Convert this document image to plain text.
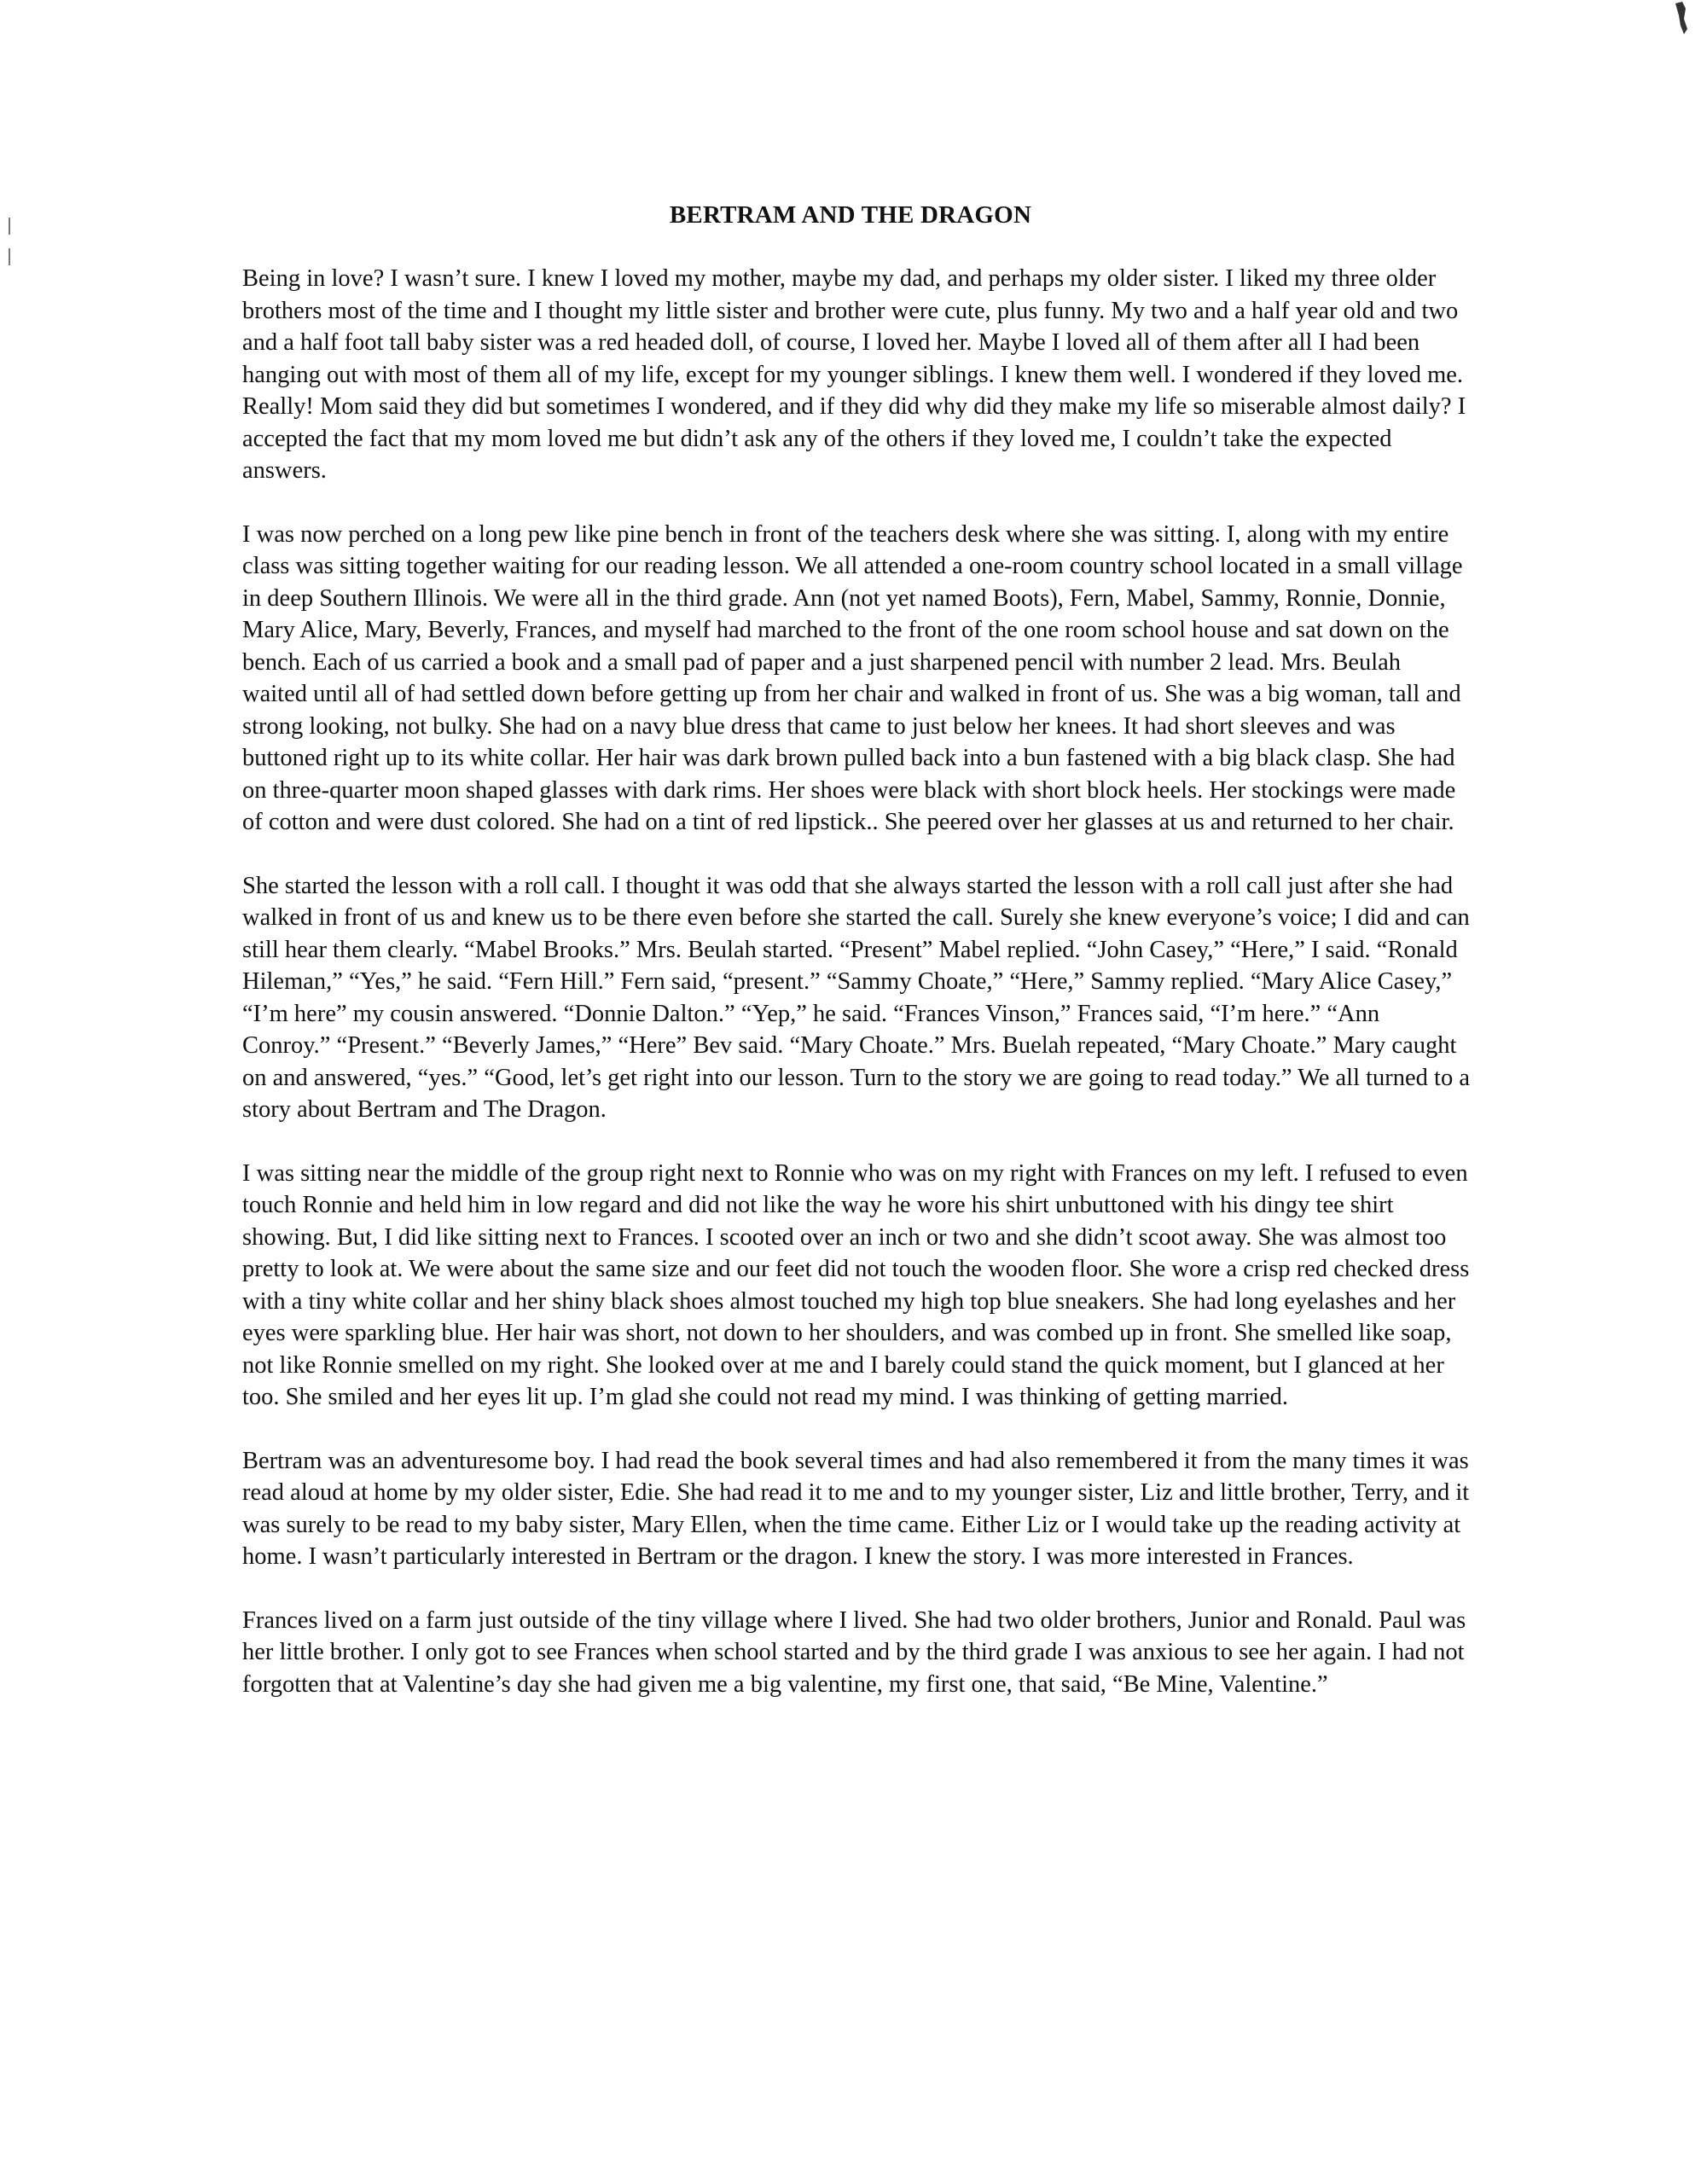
BERTRAM AND THE DRAGON

Being in love? I wasn’t sure. I knew I loved my mother, maybe my dad, and perhaps my older sister. I liked my three older brothers most of the time and I thought my little sister and brother were cute, plus funny. My two and a half year old and two and a half foot tall baby sister was a red headed doll, of course, I loved her. Maybe I loved all of them after all I had been hanging out with most of them all of my life, except for my younger siblings. I knew them well. I wondered if they loved me. Really! Mom said they did but sometimes I wondered, and if they did why did they make my life so miserable almost daily? I accepted the fact that my mom loved me but didn’t ask any of the others if they loved me, I couldn’t take the expected answers.

I was now perched on a long pew like pine bench in front of the teachers desk where she was sitting. I, along with my entire class was sitting together waiting for our reading lesson. We all attended a one-room country school located in a small village in deep Southern Illinois. We were all in the third grade. Ann (not yet named Boots), Fern, Mabel, Sammy, Ronnie, Donnie, Mary Alice, Mary, Beverly, Frances, and myself had marched to the front of the one room school house and sat down on the bench. Each of us carried a book and a small pad of paper and a just sharpened pencil with number 2 lead. Mrs. Beulah waited until all of had settled down before getting up from her chair and walked in front of us. She was a big woman, tall and strong looking, not bulky. She had on a navy blue dress that came to just below her knees. It had short sleeves and was buttoned right up to its white collar. Her hair was dark brown pulled back into a bun fastened with a big black clasp. She had on three-quarter moon shaped glasses with dark rims. Her shoes were black with short block heels. Her stockings were made of cotton and were dust colored. She had on a tint of red lipstick.. She peered over her glasses at us and returned to her chair.

She started the lesson with a roll call. I thought it was odd that she always started the lesson with a roll call just after she had walked in front of us and knew us to be there even before she started the call. Surely she knew everyone’s voice; I did and can still hear them clearly. “Mabel Brooks.” Mrs. Beulah started. “Present” Mabel replied. “John Casey,” “Here,” I said. “Ronald Hileman,” “Yes,” he said. “Fern Hill.” Fern said, “present.” “Sammy Choate,” “Here,” Sammy replied. “Mary Alice Casey,” “I’m here” my cousin answered. “Donnie Dalton.” “Yep,” he said. “Frances Vinson,” Frances said, “I’m here.” “Ann Conroy.” “Present.” “Beverly James,” “Here” Bev said. “Mary Choate.” Mrs. Buelah repeated, “Mary Choate.” Mary caught on and answered, “yes.” “Good, let’s get right into our lesson. Turn to the story we are going to read today.” We all turned to a story about Bertram and The Dragon.

I was sitting near the middle of the group right next to Ronnie who was on my right with Frances on my left. I refused to even touch Ronnie and held him in low regard and did not like the way he wore his shirt unbuttoned with his dingy tee shirt showing. But, I did like sitting next to Frances. I scooted over an inch or two and she didn’t scoot away. She was almost too pretty to look at. We were about the same size and our feet did not touch the wooden floor. She wore a crisp red checked dress with a tiny white collar and her shiny black shoes almost touched my high top blue sneakers. She had long eyelashes and her eyes were sparkling blue. Her hair was short, not down to her shoulders, and was combed up in front. She smelled like soap, not like Ronnie smelled on my right. She looked over at me and I barely could stand the quick moment, but I glanced at her too. She smiled and her eyes lit up. I’m glad she could not read my mind. I was thinking of getting married.

Bertram was an adventuresome boy. I had read the book several times and had also remembered it from the many times it was read aloud at home by my older sister, Edie. She had read it to me and to my younger sister, Liz and little brother, Terry, and it was surely to be read to my baby sister, Mary Ellen, when the time came. Either Liz or I would take up the reading activity at home. I wasn’t particularly interested in Bertram or the dragon. I knew the story. I was more interested in Frances.

Frances lived on a farm just outside of the tiny village where I lived. She had two older brothers, Junior and Ronald. Paul was her little brother. I only got to see Frances when school started and by the third grade I was anxious to see her again. I had not forgotten that at Valentine’s day she had given me a big valentine, my first one, that said, “Be Mine, Valentine.”
